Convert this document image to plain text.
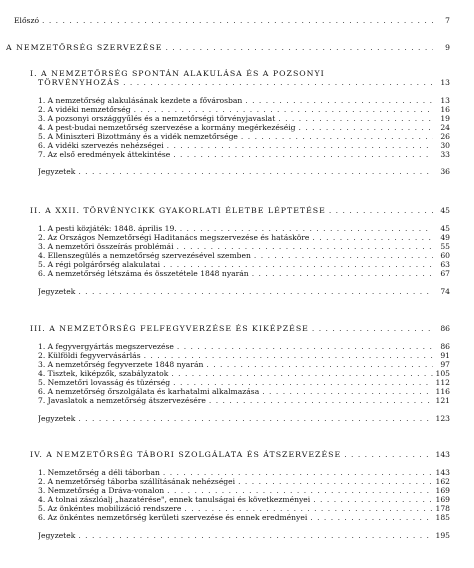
Előszó . . .	7
A NEMZETŐRSÉG SZERVEZÉSE . . .	9
I. A NEMZETŐRSÉG SPONTÁN ALAKULÁSA ÉS A POZSONYI
TÖRVÉNYHOZÁS . . .	13
1. A nemzetőrség alakulásának kezdete a fővárosban . . .	13
2. A vidéki nemzetőrség . . .	16
3. A pozsonyi országgyűlés és a nemzetőrségi törvényjavaslat . . .	19
4. A pest-budai nemzetőrség szervezése a kormány megérkezéséig . . .	24
5. A Miniszteri Bizottmány és a vidék nemzetőrsége . . .	26
6. A vidéki szervezés nehézségei . . .	30
7. Az első eredmények áttekintése . . .	33
Jegyzetek . . .	36
II. A XXII. TÖRVÉNYCIKK GYAKORLATI ÉLETBE LÉPTETÉSE . . .	45
1. A pesti közjáték: 1848. április 19. . . .	45
2. Az Országos Nemzetőrségi Haditanács megszervezése és hatásköre . . .	49
3. A nemzetőri összeírás problémái . . .	55
4. Ellenszegülés a nemzetőrség szervezésével szemben . . .	60
5. A régi polgárőrség alakulatai . . .	63
6. A nemzetőrség létszáma és összetétele 1848 nyarán . . .	67
Jegyzetek . . .	74
III. A NEMZETŐRSÉG FELFEGYVERZÉSE ÉS KIKÉPZÉSE . . .	86
1. A fegyvergyártás megszervezése . . .	86
2. Külföldi fegyvervásárlás . . .	91
3. A nemzetőrség fegyverzete 1848 nyarán . . .	97
4. Tisztek, kiképzők, szabályzatok . . .	105
5. Nemzetőri lovasság és tüzérség . . .	112
6. A nemzetőrség őrszolgálata és karhatalmi alkalmazása . . .	116
7. Javaslatok a nemzetőrség átszervezésére . . .	121
Jegyzetek . . .	123
IV. A NEMZETŐRSÉG TÁBORI SZOLGÁLATA ÉS ÁTSZERVEZÉSE . . .	143
1. Nemzetőrség a déli táborban . . .	143
2. A nemzetőrség táborba szállításának nehézségei . . .	162
3. Nemzetőrség a Dráva-vonalon . . .	169
4. A tolnai zászlóalj „hazatérése", ennek tanulságai és következményei . . .	169
5. Az önkéntes mobilizáció rendszere . . .	178
6. Az önkéntes nemzetőrség kerületi szervezése és ennek eredményei . . .	185
Jegyzetek . . .	195
